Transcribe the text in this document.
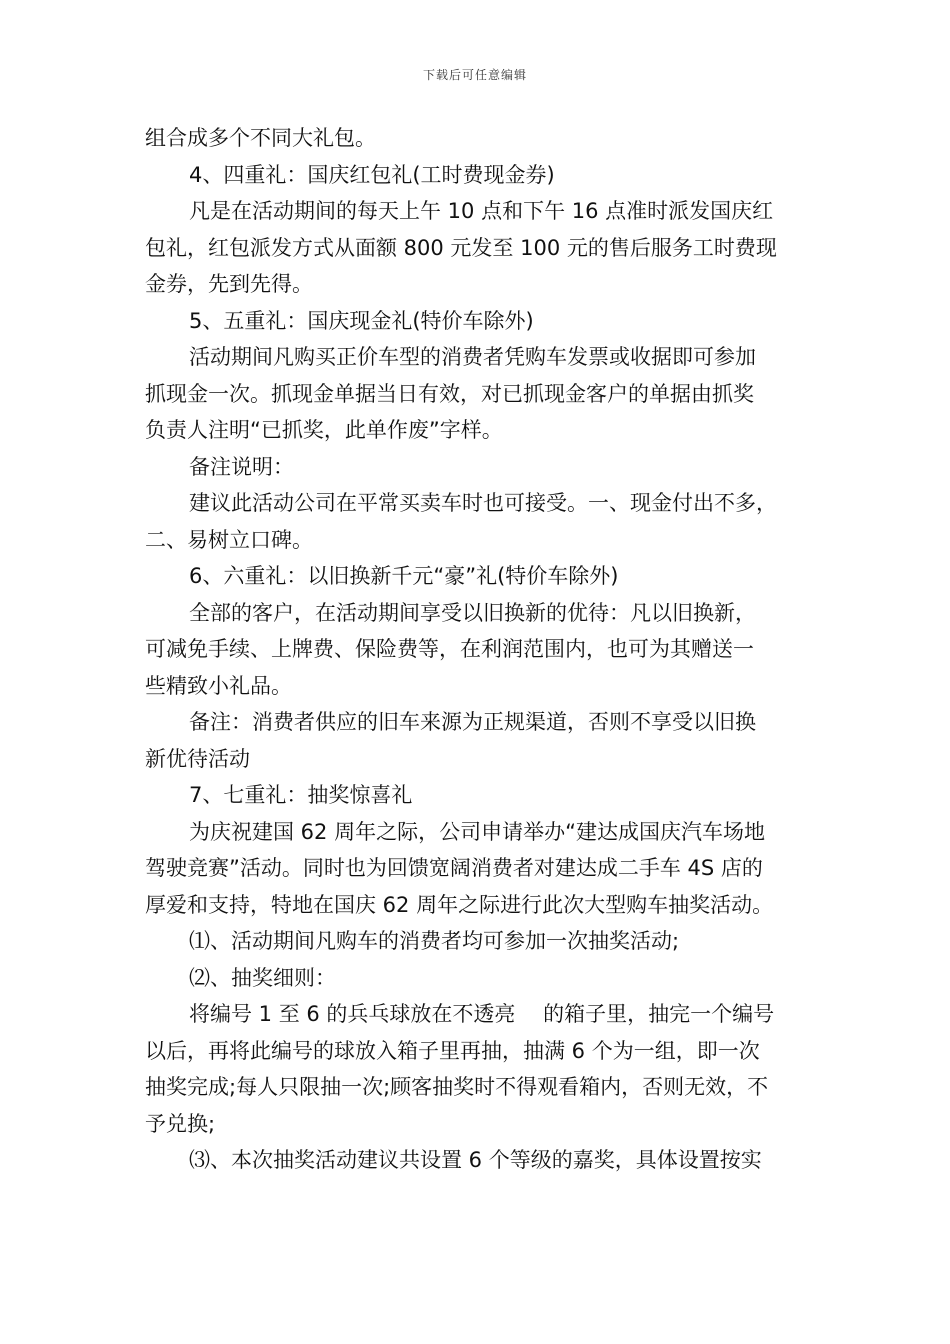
下载后可任意编辑
组合成多个不同大礼包。
4、四重礼：国庆红包礼(工时费现金券)
凡是在活动期间的每天上午 10 点和下午 16 点准时派发国庆红
包礼，红包派发方式从面额 800 元发至 100 元的售后服务工时费现
金券，先到先得。
5、五重礼：国庆现金礼(特价车除外)
活动期间凡购买正价车型的消费者凭购车发票或收据即可参加
抓现金一次。抓现金单据当日有效，对已抓现金客户的单据由抓奖
负责人注明“已抓奖，此单作废”字样。
备注说明：
建议此活动公司在平常买卖车时也可接受。一、现金付出不多，
二、易树立口碑。
6、六重礼：以旧换新千元“豪”礼(特价车除外)
全部的客户，在活动期间享受以旧换新的优待：凡以旧换新，
可减免手续、上牌费、保险费等，在利润范围内，也可为其赠送一
些精致小礼品。
备注：消费者供应的旧车来源为正规渠道，否则不享受以旧换
新优待活动
7、七重礼：抽奖惊喜礼
为庆祝建国 62 周年之际，公司申请举办“建达成国庆汽车场地
驾驶竞赛”活动。同时也为回馈宽阔消费者对建达成二手车 4S 店的
厚爱和支持，特地在国庆 62 周年之际进行此次大型购车抽奖活动。
⑴、活动期间凡购车的消费者均可参加一次抽奖活动;
⑵、抽奖细则：
将编号 1 至 6 的兵乓球放在不透亮　 的箱子里，抽完一个编号
以后，再将此编号的球放入箱子里再抽，抽满 6 个为一组，即一次
抽奖完成;每人只限抽一次;顾客抽奖时不得观看箱内，否则无效，不
予兑换;
⑶、本次抽奖活动建议共设置 6 个等级的嘉奖，具体设置按实
